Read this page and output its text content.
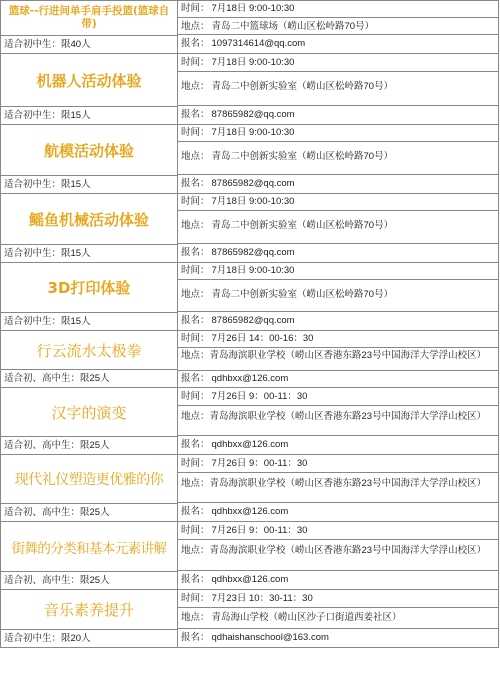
篮球--行进间单手肩手投篮(篮球自带)
适合初中生：限40人
时间： 7月18日 9:00-10:30
地点： 青岛二中篮球场（崂山区松岭路70号）
报名： 1097314614@qq.com
机器人活动体验
适合初中生：限15人
时间： 7月18日 9:00-10:30
地点： 青岛二中创新实验室（崂山区松岭路70号）
报名： 87865982@qq.com
航模活动体验
适合初中生：限15人
时间： 7月18日 9:00-10:30
地点： 青岛二中创新实验室（崂山区松岭路70号）
报名： 87865982@qq.com
鳐鱼机械活动体验
适合初中生：限15人
时间： 7月18日 9:00-10:30
地点： 青岛二中创新实验室（崂山区松岭路70号）
报名： 87865982@qq.com
3D打印体验
适合初中生：限15人
时间： 7月18日 9:00-10:30
地点： 青岛二中创新实验室（崂山区松岭路70号）
报名： 87865982@qq.com
行云流水太极拳
适合初、高中生：限25人
时间： 7月26日 14：00-16：30
地点：青岛海滨职业学校（崂山区香港东路23号中国海洋大学浮山校区）
报名： qdhbxx@126.com
汉字的演变
适合初、高中生：限25人
时间： 7月26日 9：00-11：30
地点：青岛海滨职业学校（崂山区香港东路23号中国海洋大学浮山校区）
报名： qdhbxx@126.com
现代礼仪塑造更优雅的你
适合初、高中生：限25人
时间： 7月26日 9：00-11：30
地点：青岛海滨职业学校（崂山区香港东路23号中国海洋大学浮山校区）
报名： qdhbxx@126.com
街舞的分类和基本元素讲解
适合初、高中生：限25人
时间： 7月26日 9：00-11：30
地点：青岛海滨职业学校（崂山区香港东路23号中国海洋大学浮山校区）
报名： qdhbxx@126.com
音乐素养提升
适合初中生：限20人
时间： 7月23日 10：30-11：30
地点： 青岛海山学校（崂山区沙子口街道西姜社区）
报名： qdhaishanschool@163.com
